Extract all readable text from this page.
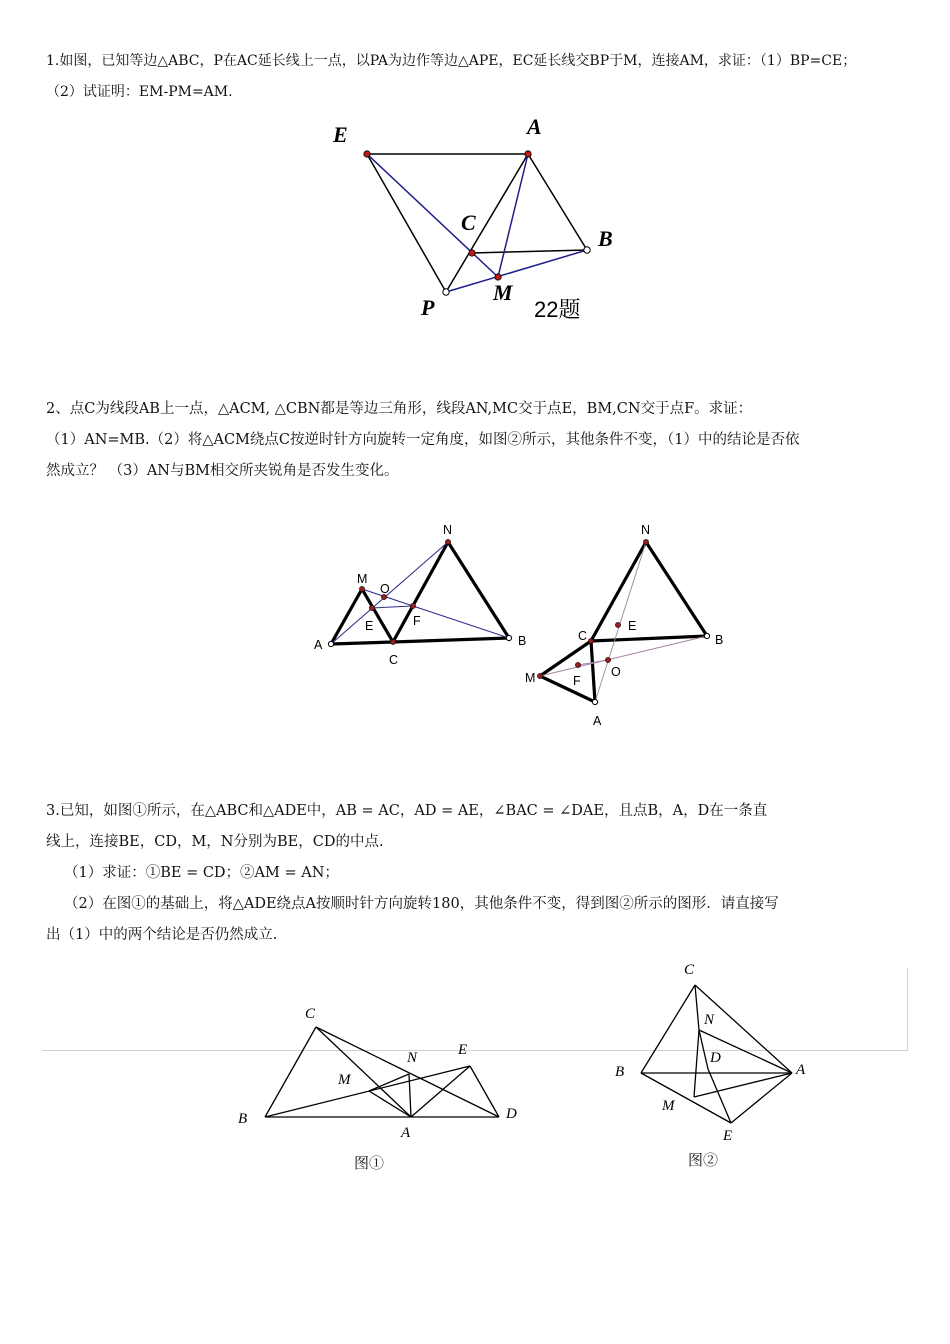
1.如图，已知等边△ABC，P在AC延长线上一点，以PA为边作等边△APE，EC延长线交BP于M，连接AM，求证：（1）BP=CE；
（2）试证明：EM-PM=AM.
E	A
C
B
M
P	22题
2、点C为线段AB上一点，△ACM, △CBN都是等边三角形，线段AN,MC交于点E，BM,CN交于点F。求证：
（1）AN=MB.（2）将△ACM绕点C按逆时针方向旋转一定角度，如图②所示，其他条件不变，（1）中的结论是否依
然成立？ （3）AN与BM相交所夹锐角是否发生变化。
N
M
O
E	F
A
C
B
N
E
C	B
M	F
O
A
3.已知，如图①所示，在△ABC和△ADE中，AB = AC，AD = AE，∠BAC = ∠DAE，且点B，A，D在一条直
线上，连接BE，CD，M，N分别为BE，CD的中点.
（1）求证：①BE = CD；②AM = AN；
（2）在图①的基础上，将△ADE绕点A按顺时针方向旋转180，其他条件不变，得到图②所示的图形．请直接写
出（1）中的两个结论是否仍然成立.
C
N	E
M
B
A
D
图①
C
N
D
B	A
M
E
图②
